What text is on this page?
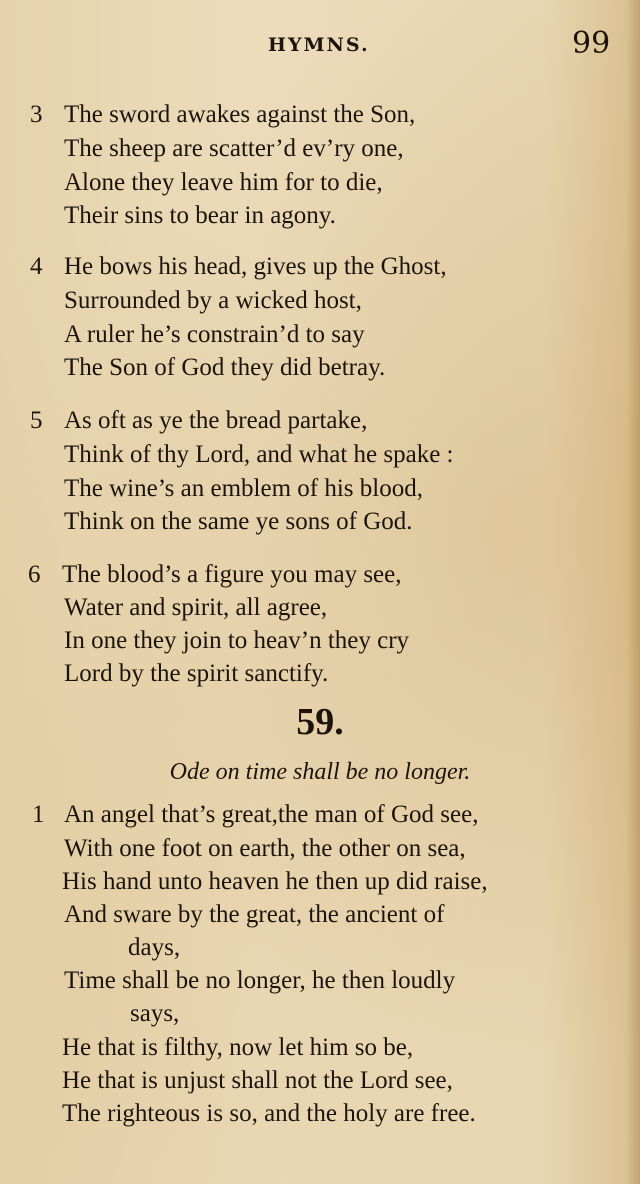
HYMNS.	99
3 The sword awakes against the Son,
The sheep are scatter’d ev’ry one,
Alone they leave him for to die,
Their sins to bear in agony.
4 He bows his head, gives up the Ghost,
Surrounded by a wicked host,
A ruler he’s constrain’d to say
The Son of God they did betray.
5 As oft as ye the bread partake,
Think of thy Lord, and what he spake :
The wine’s an emblem of his blood,
Think on the same ye sons of God.
6 The blood’s a figure you may see,
Water and spirit, all agree,
In one they join to heav’n they cry
Lord by the spirit sanctify.
59.
Ode on time shall be no longer.
1 An angel that’s great,the man of God see,
With one foot on earth, the other on sea,
His hand unto heaven he then up did raise,
And sware by the great, the ancient of
days,
Time shall be no longer, he then loudly
says,
He that is filthy, now let him so be,
He that is unjust shall not the Lord see,
The righteous is so, and the holy are free.
